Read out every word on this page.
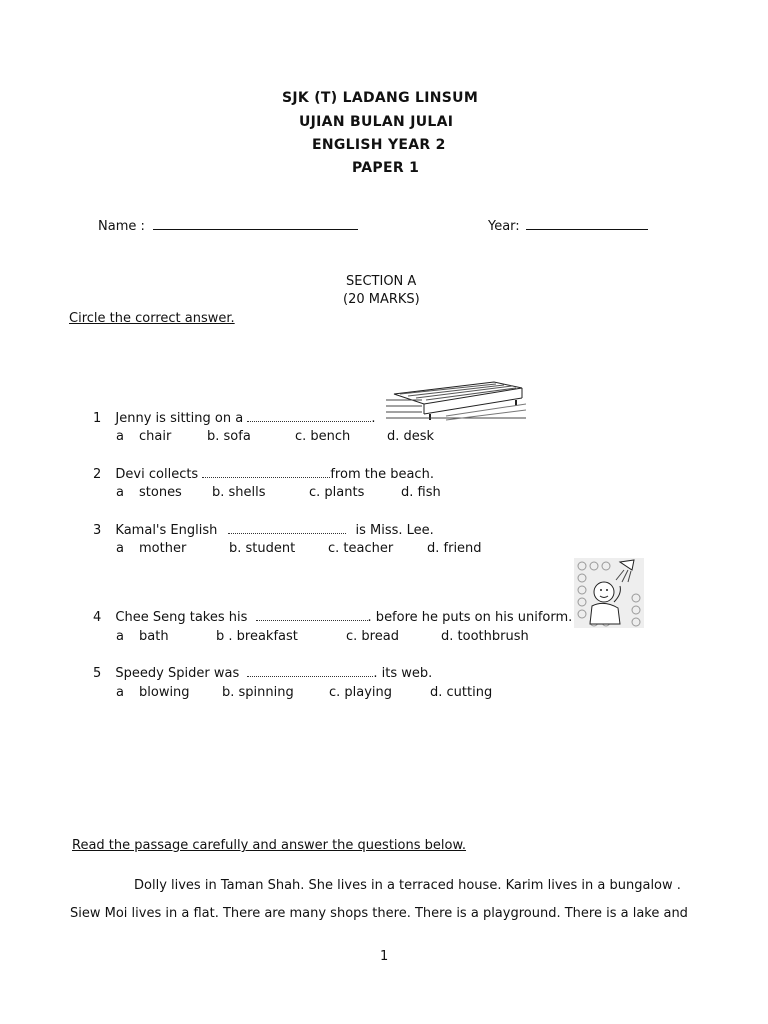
SJK (T) LADANG LINSUM
UJIAN BULAN JULAI
ENGLISH YEAR 2
PAPER 1
Name :	Year:
SECTION A
(20 MARKS)
Circle the correct answer.
1 Jenny is sitting on a	.
a chair	b. sofa	c. bench	d. desk
2 Devi collects	from the beach.
a stones b. shells	c. plants	d. fish
3 Kamal's English	is Miss. Lee.
a mother	b. student	c. teacher	d. friend
4 Chee Seng takes his	. before he puts on his uniform.
a bath	b . breakfast	c. bread	d. toothbrush
5 Speedy Spider was	. its web.
a blowing b. spinning	c. playing	d. cutting
Read the passage carefully and answer the questions below.
Dolly lives in Taman Shah. She lives in a terraced house. Karim lives in a bungalow .
Siew Moi lives in a flat. There are many shops there. There is a playground. There is a lake and
1
